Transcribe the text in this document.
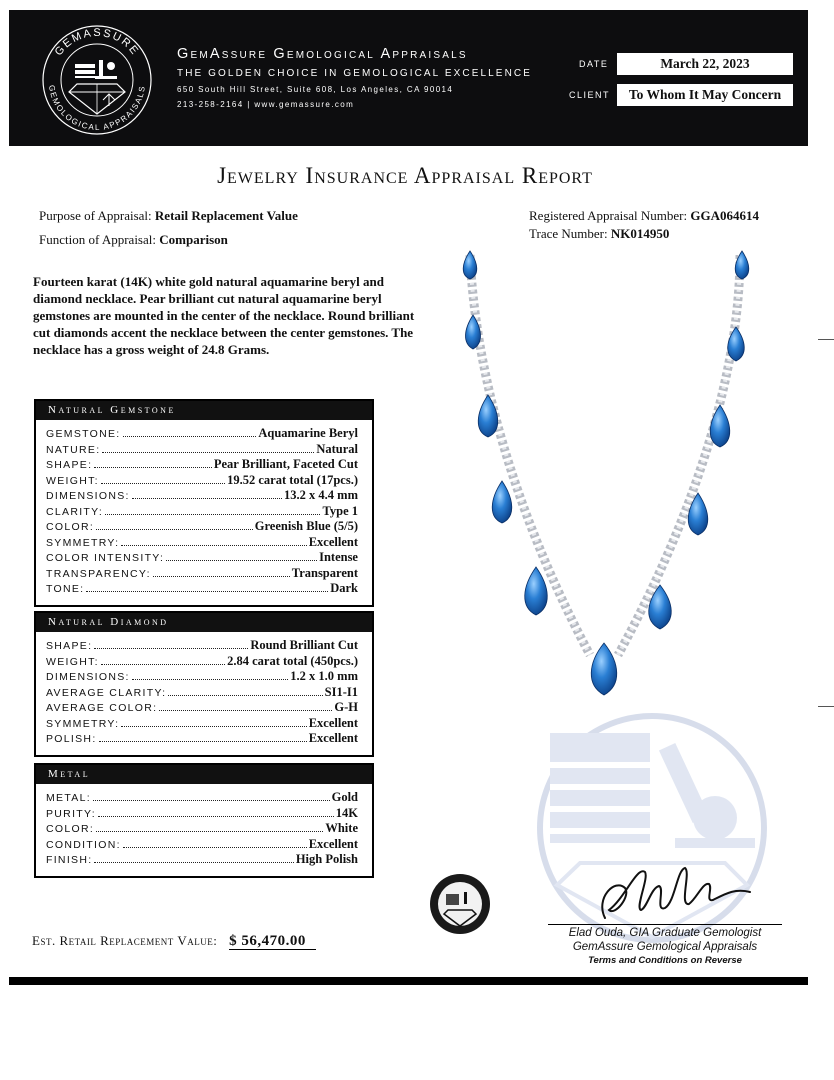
GEMASSURE
GEMOLOGICAL APPRAISALS
GemAssure Gemological Appraisals
THE GOLDEN CHOICE IN GEMOLOGICAL EXCELLENCE
650 South Hill Street, Suite 608, Los Angeles, CA 90014
213-258-2164 | www.gemassure.com
DATE	March 22, 2023
CLIENT	To Whom It May Concern
Jewelry Insurance Appraisal Report
Purpose of Appraisal: Retail Replacement Value
Function of Appraisal: Comparison
Registered Appraisal Number: GGA064614
Trace Number: NK014950
Fourteen karat (14K) white gold natural aquamarine beryl and diamond necklace. Pear brilliant cut natural aquamarine beryl gemstones are mounted in the center of the necklace. Round brilliant cut diamonds accent the necklace between the center gemstones. The necklace has a gross weight of 24.8 Grams.
Natural Gemstone
GEMSTONE:	Aquamarine Beryl
NATURE:	Natural
SHAPE:	Pear Brilliant, Faceted Cut
WEIGHT:	19.52 carat total (17pcs.)
DIMENSIONS:	13.2 x 4.4 mm
CLARITY:	Type 1
COLOR:	Greenish Blue (5/5)
SYMMETRY:	Excellent
COLOR INTENSITY:	Intense
TRANSPARENCY:	Transparent
TONE:	Dark
Natural Diamond
SHAPE:	Round Brilliant Cut
WEIGHT:	2.84 carat total (450pcs.)
DIMENSIONS:	1.2 x 1.0 mm
AVERAGE CLARITY:	SI1-I1
AVERAGE COLOR:	G-H
SYMMETRY:	Excellent
POLISH:	Excellent
Metal
METAL:	Gold
PURITY:	14K
COLOR:	White
CONDITION:	Excellent
FINISH:	High Polish
Est. Retail Replacement Value: $ 56,470.00	Elad Ouda, GIA Graduate Gemologist
GemAssure Gemological Appraisals
Terms and Conditions on Reverse
